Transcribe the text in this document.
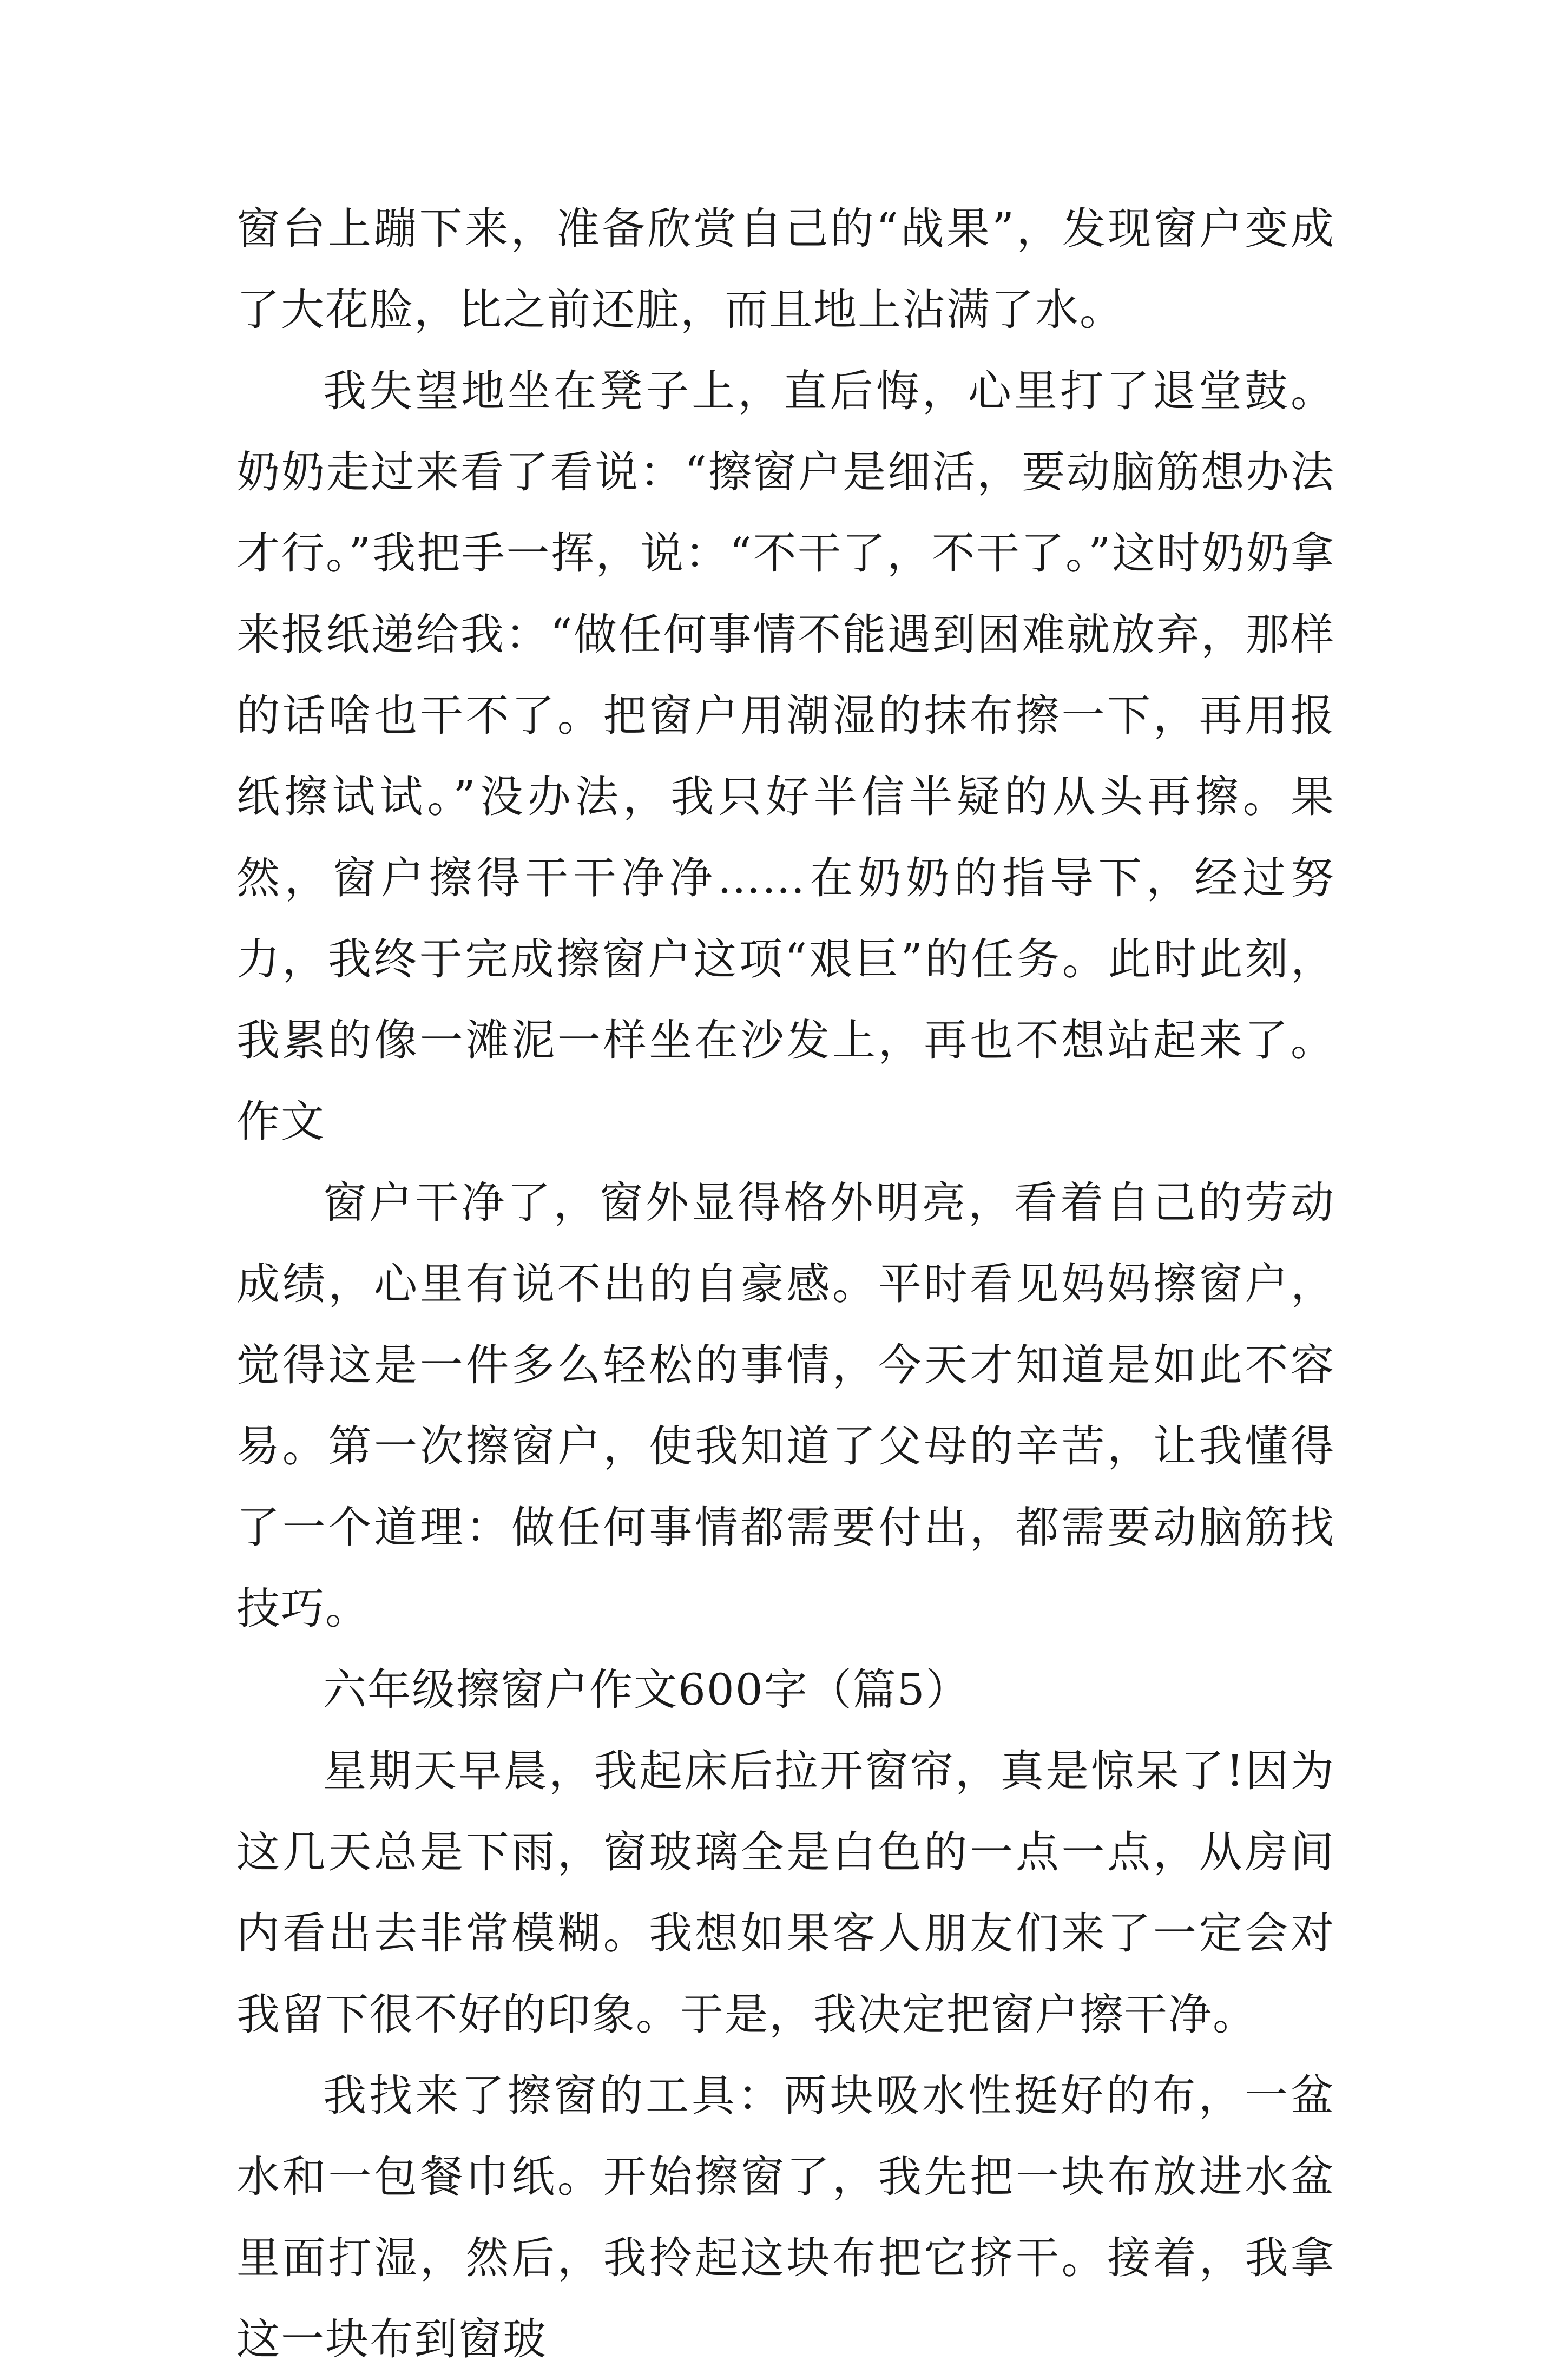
窗台上蹦下来，准备欣赏自己的“战果”，发现窗户变成了大花脸，比之前还脏，而且地上沾满了水。

我失望地坐在凳子上，直后悔，心里打了退堂鼓。奶奶走过来看了看说：“擦窗户是细活，要动脑筋想办法才行。”我把手一挥，说：“不干了，不干了。”这时奶奶拿来报纸递给我：“做任何事情不能遇到困难就放弃，那样的话啥也干不了。把窗户用潮湿的抹布擦一下，再用报纸擦试试。”没办法，我只好半信半疑的从头再擦。果然，窗户擦得干干净净……在奶奶的指导下，经过努力，我终于完成擦窗户这项“艰巨”的任务。此时此刻，我累的像一滩泥一样坐在沙发上，再也不想站起来了。作文

窗户干净了，窗外显得格外明亮，看着自己的劳动成绩，心里有说不出的自豪感。平时看见妈妈擦窗户，觉得这是一件多么轻松的事情，今天才知道是如此不容易。第一次擦窗户，使我知道了父母的辛苦，让我懂得了一个道理：做任何事情都需要付出，都需要动脑筋找技巧。

六年级擦窗户作文600字（篇5）

星期天早晨，我起床后拉开窗帘，真是惊呆了!因为这几天总是下雨，窗玻璃全是白色的一点一点，从房间内看出去非常模糊。我想如果客人朋友们来了一定会对我留下很不好的印象。于是，我决定把窗户擦干净。

我找来了擦窗的工具：两块吸水性挺好的布，一盆水和一包餐巾纸。开始擦窗了，我先把一块布放进水盆里面打湿，然后，我拎起这块布把它挤干。接着，我拿这一块布到窗玻
